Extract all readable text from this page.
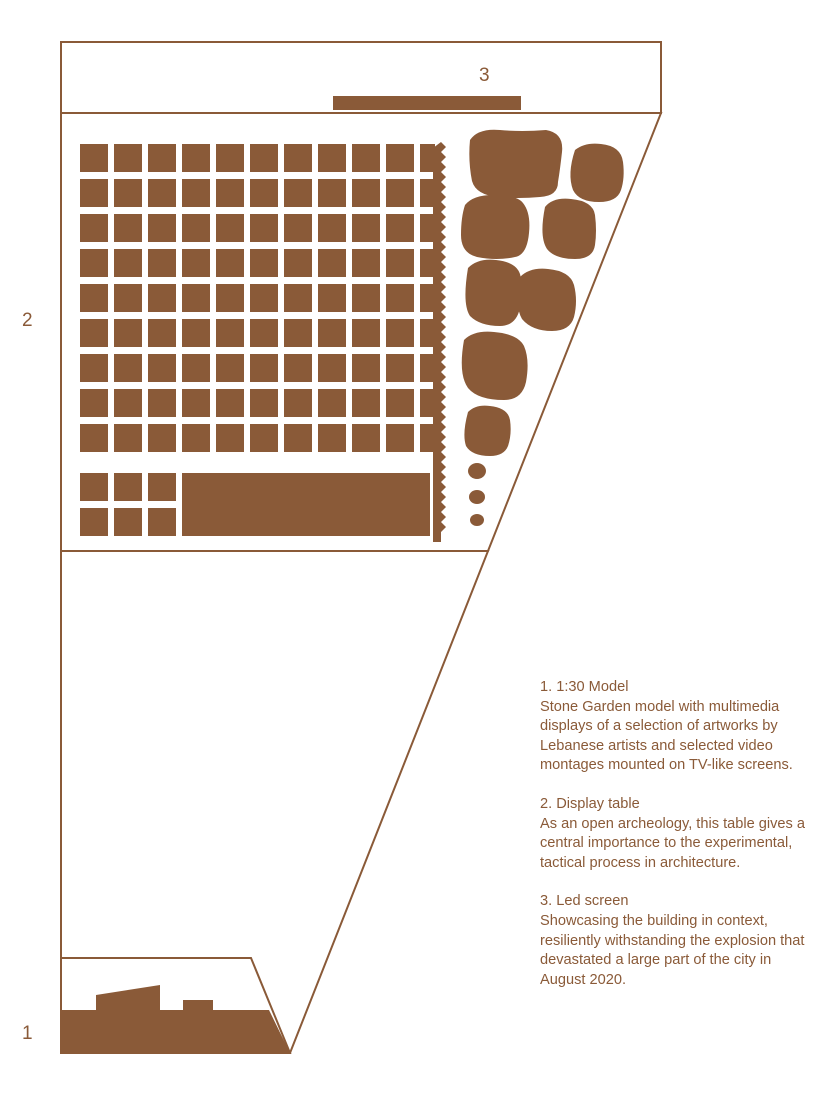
1
2
3
1. 1:30 Model
Stone Garden model with multimedia displays of a selection of artworks by Lebanese artists and selected video montages mounted on TV-like screens.
2. Display table
As an open archeology, this table gives a central importance to the experimental, tactical process in architecture.
3. Led screen
Showcasing the building in context, resiliently withstanding the explosion that devastated a large part of the city in August 2020.
